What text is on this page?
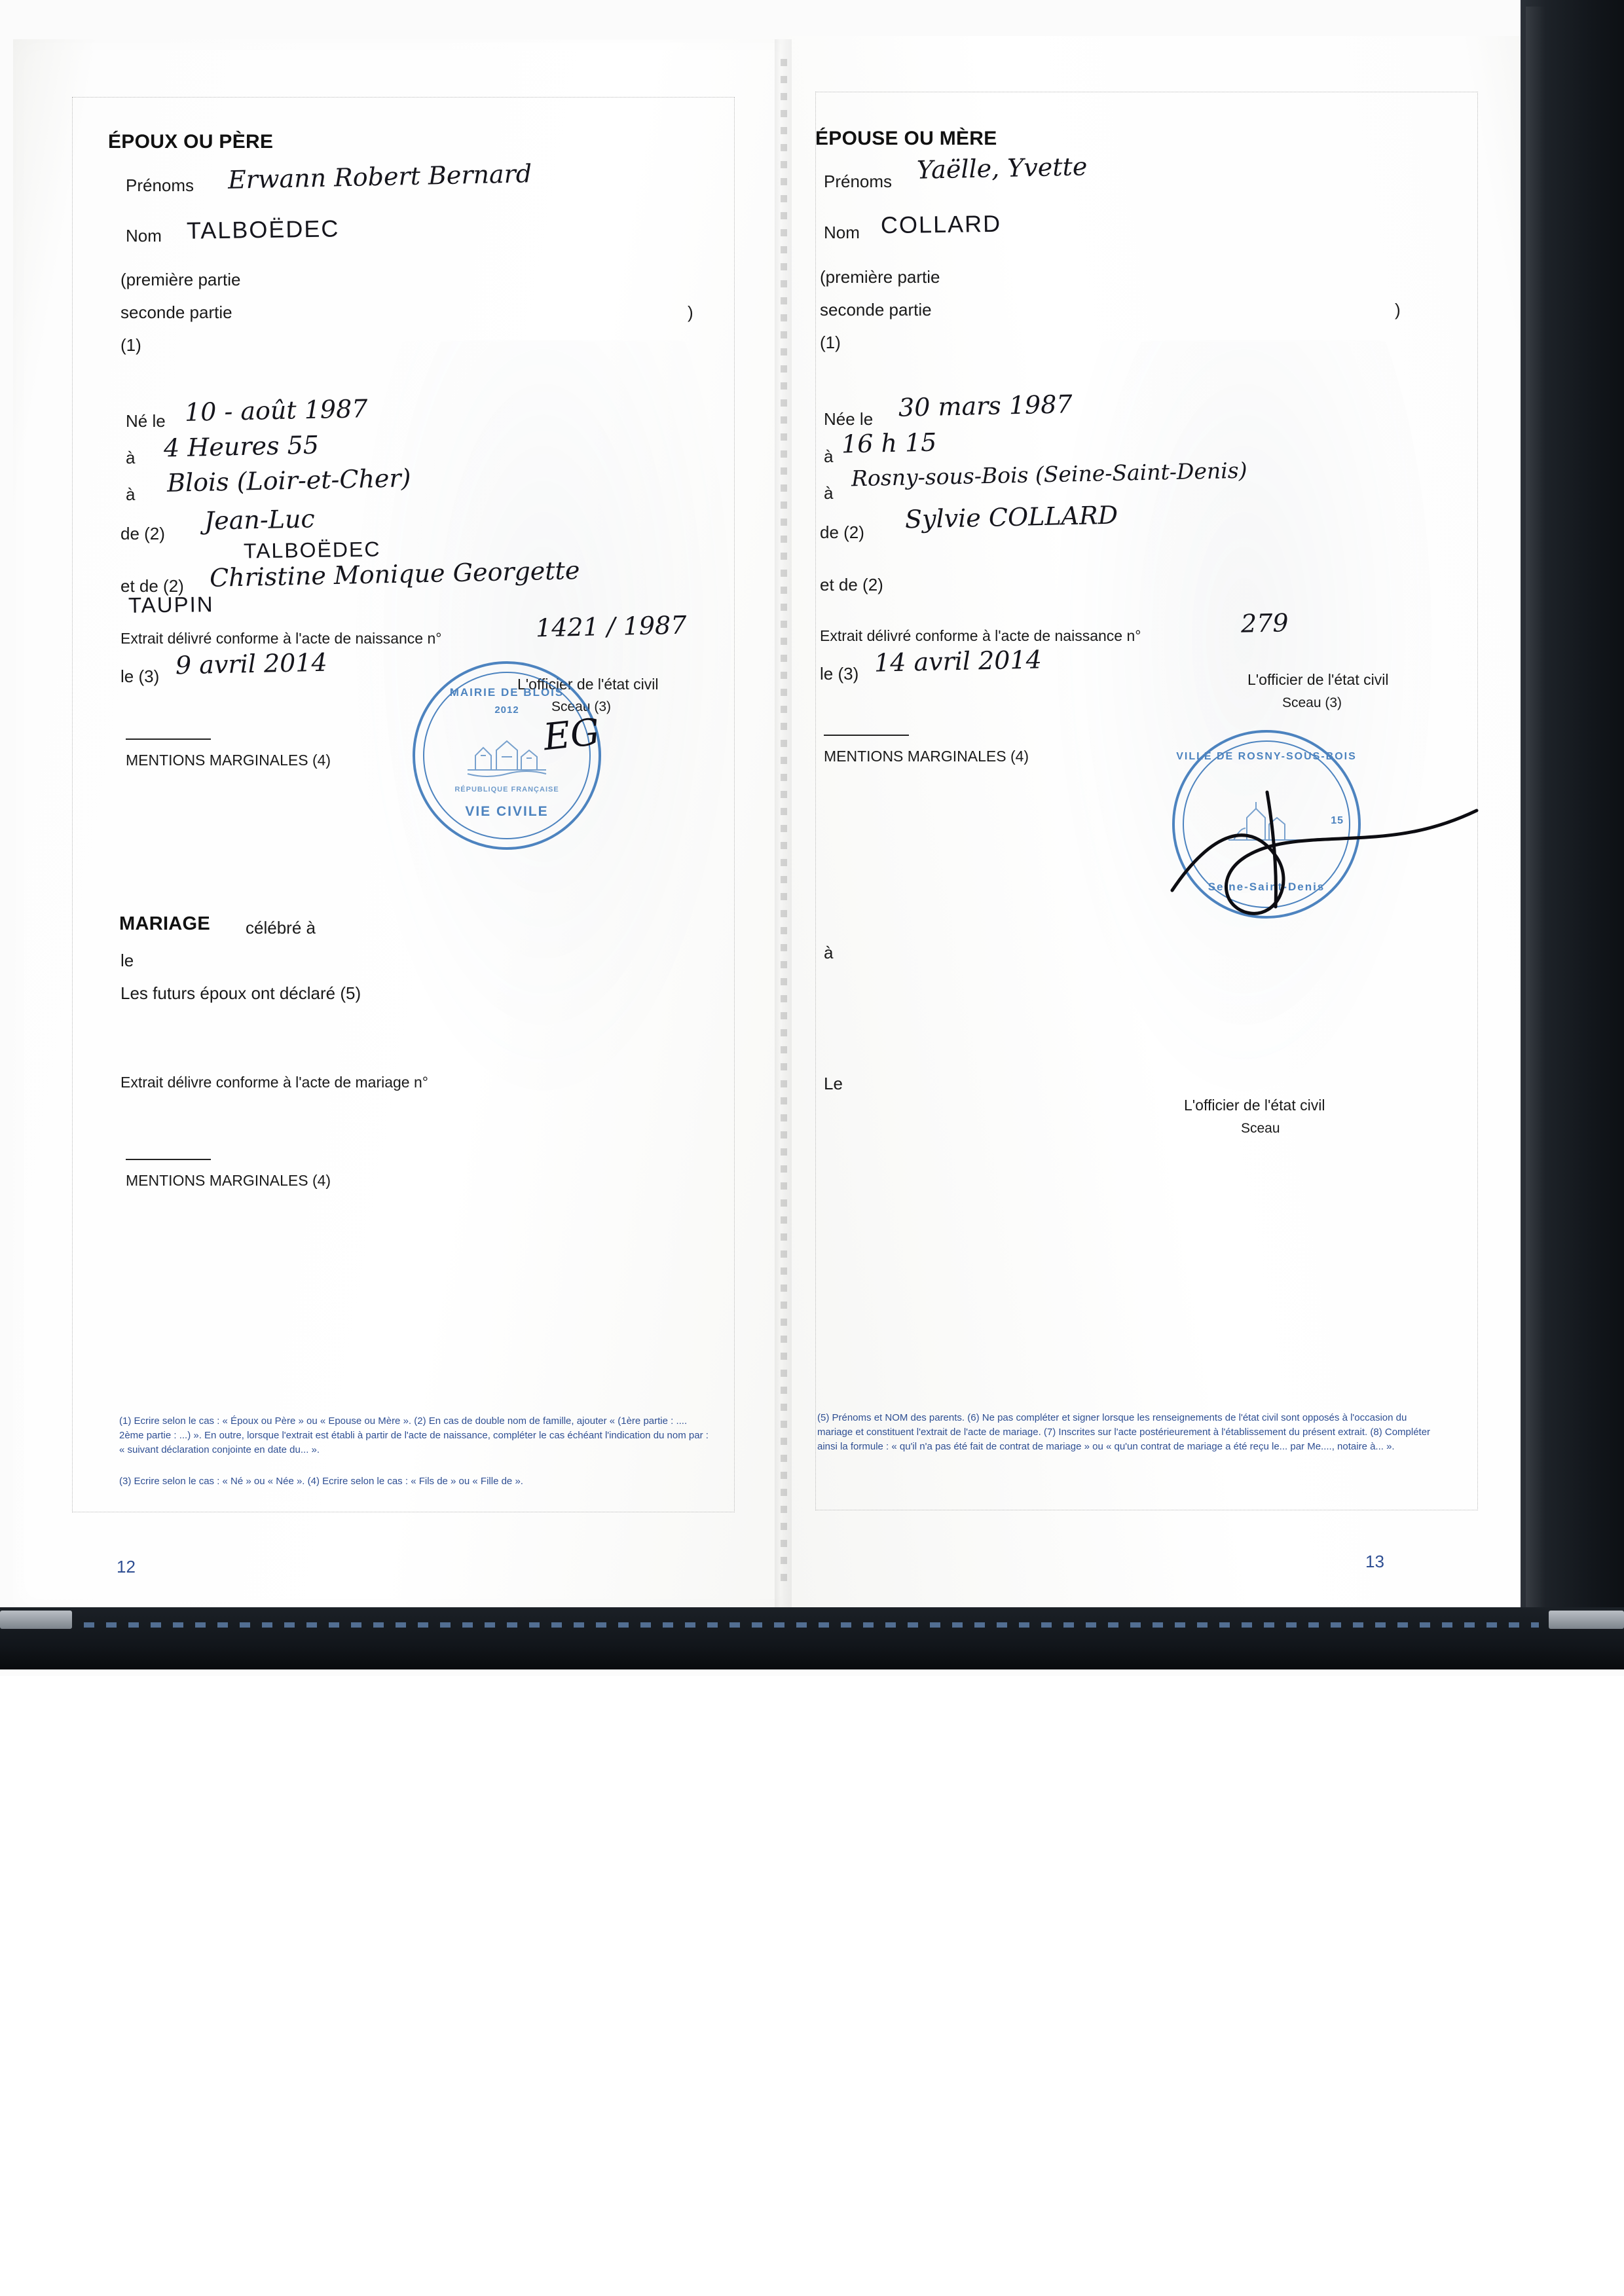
ÉPOUX OU PÈRE
Prénoms Erwann Robert Bernard
Nom TALBOËDEC
(première partie
seconde partie	)
(1)
Né le 10 - août 1987
à 4 Heures 55
à Blois (Loir-et-Cher)
de (2) Jean-Luc
TALBOËDEC
et de (2) Christine Monique Georgette
TAUPIN
Extrait délivré conforme à l'acte de naissance n°	1421 / 1987
le (3) 9 avril 2014
L'officier de l'état civil
Sceau (3)
MAIRIE DE BLOIS
2012
RÉPUBLIQUE FRANÇAISE
VIE CIVILE
EG
MENTIONS MARGINALES (4)
MARIAGE célébré à
le
Les futurs époux ont déclaré (5)
Extrait délivre conforme à l'acte de mariage n°
MENTIONS MARGINALES (4)
(1) Ecrire selon le cas : « Époux ou Père » ou « Epouse ou Mère ». (2) En cas de double nom de famille, ajouter « (1ère partie : .... 2ème partie : ...) ». En outre, lorsque l'extrait est établi à partir de l'acte de naissance, compléter le cas échéant l'indication du nom par : « suivant déclaration conjointe en date du... ».
(3) Ecrire selon le cas : « Né » ou « Née ». (4) Ecrire selon le cas : « Fils de » ou « Fille de ».
12
ÉPOUSE OU MÈRE
Prénoms Yaëlle, Yvette
Nom COLLARD
(première partie
seconde partie	)
(1)
Née le 30 mars 1987
à 16 h 15
à
Rosny-sous-Bois (Seine-Saint-Denis)
de (2) Sylvie COLLARD
et de (2)
Extrait délivré conforme à l'acte de naissance n°	279
le (3) 14 avril 2014
L'officier de l'état civil
Sceau (3)
VILLE DE ROSNY-SOUS-BOIS
15
Seine-Saint-Denis
MENTIONS MARGINALES (4)
à
Le
L'officier de l'état civil
Sceau
(5) Prénoms et NOM des parents. (6) Ne pas compléter et signer lorsque les renseignements de l'état civil sont opposés à l'occasion du mariage et constituent l'extrait de l'acte de mariage. (7) Inscrites sur l'acte postérieurement à l'établissement du présent extrait. (8) Compléter ainsi la formule : « qu'il n'a pas été fait de contrat de mariage » ou « qu'un contrat de mariage a été reçu le... par Me...., notaire à... ».
13
